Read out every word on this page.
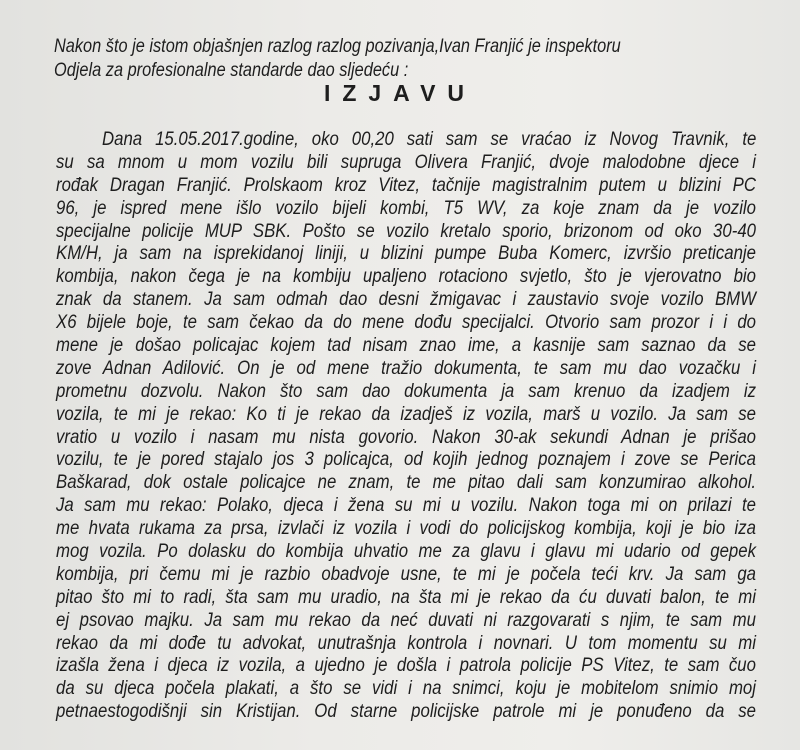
Nakon što je istom objašnjen razlog razlog pozivanja,Ivan Franjić je inspektoru
Odjela za profesionalne standarde dao sljedeću :
IZJAVU
Dana 15.05.2017.godine, oko 00,20 sati sam se vraćao iz Novog Travnik, te
su sa mnom u mom vozilu bili supruga Olivera Franjić, dvoje malodobne djece i
rođak Dragan Franjić. Prolskaom kroz Vitez, tačnije magistralnim putem u blizini PC
96, je ispred mene išlo vozilo bijeli kombi, T5 WV, za koje znam da je vozilo
specijalne policije MUP SBK. Pošto se vozilo kretalo sporio, brizonom od oko 30-40
KM/H, ja sam na isprekidanoj liniji, u blizini pumpe Buba Komerc, izvršio preticanje
kombija, nakon čega je na kombiju upaljeno rotaciono svjetlo, što je vjerovatno bio
znak da stanem. Ja sam odmah dao desni žmigavac i zaustavio svoje vozilo BMW
X6 bijele boje, te sam čekao da do mene dođu specijalci. Otvorio sam prozor i i do
mene je došao policajac kojem tad nisam znao ime, a kasnije sam saznao da se
zove Adnan Adilović. On je od mene tražio dokumenta, te sam mu dao vozačku i
prometnu dozvolu. Nakon što sam dao dokumenta ja sam krenuo da izadjem iz
vozila, te mi je rekao: Ko ti je rekao da izadješ iz vozila, marš u vozilo. Ja sam se
vratio u vozilo i nasam mu nista govorio. Nakon 30-ak sekundi Adnan je prišao
vozilu, te je pored stajalo jos 3 policajca, od kojih jednog poznajem i zove se Perica
Baškarad, dok ostale policajce ne znam, te me pitao dali sam konzumirao alkohol.
Ja sam mu rekao: Polako, djeca i žena su mi u vozilu. Nakon toga mi on prilazi te
me hvata rukama za prsa, izvlači iz vozila i vodi do policijskog kombija, koji je bio iza
mog vozila. Po dolasku do kombija uhvatio me za glavu i glavu mi udario od gepek
kombija, pri čemu mi je razbio obadvoje usne, te mi je počela teći krv. Ja sam ga
pitao što mi to radi, šta sam mu uradio, na šta mi je rekao da ću duvati balon, te mi
ej psovao majku. Ja sam mu rekao da neć duvati ni razgovarati s njim, te sam mu
rekao da mi dođe tu advokat, unutrašnja kontrola i novnari. U tom momentu su mi
izašla žena i djeca iz vozila, a ujedno je došla i patrola policije PS Vitez, te sam čuo
da su djeca počela plakati, a što se vidi i na snimci, koju je mobitelom snimio moj
petnaestogodišnji sin Kristijan. Od starne policijske patrole mi je ponuđeno da se
